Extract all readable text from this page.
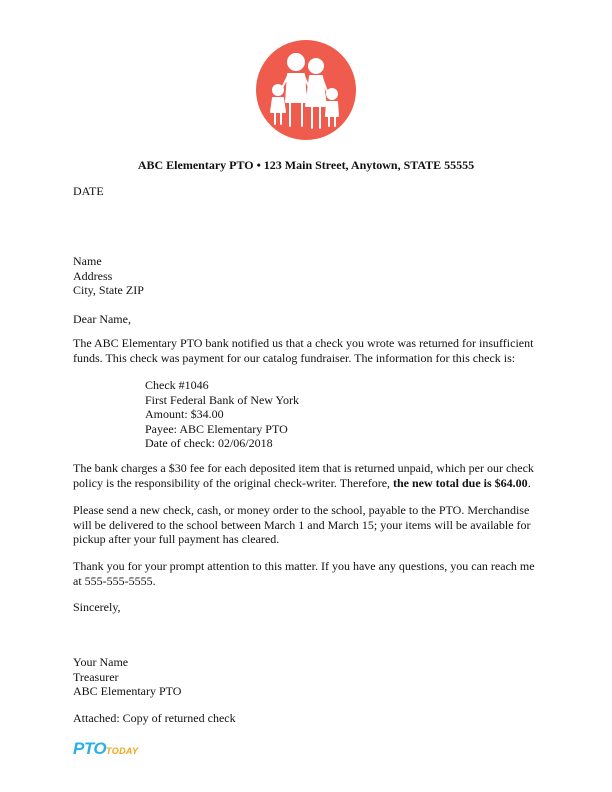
ABC Elementary PTO • 123 Main Street, Anytown, STATE 55555

DATE

Name
Address
City, State ZIP

Dear Name,

The ABC Elementary PTO bank notified us that a check you wrote was returned for insufficient funds. This check was payment for our catalog fundraiser. The information for this check is:

Check #1046
First Federal Bank of New York
Amount: $34.00
Payee: ABC Elementary PTO
Date of check: 02/06/2018

The bank charges a $30 fee for each deposited item that is returned unpaid, which per our check policy is the responsibility of the original check-writer. Therefore, the new total due is $64.00.

Please send a new check, cash, or money order to the school, payable to the PTO. Merchandise will be delivered to the school between March 1 and March 15; your items will be available for pickup after your full payment has cleared.

Thank you for your prompt attention to this matter. If you have any questions, you can reach me at 555-555-5555.

Sincerely,

Your Name
Treasurer
ABC Elementary PTO

Attached: Copy of returned check

PTOTODAY
